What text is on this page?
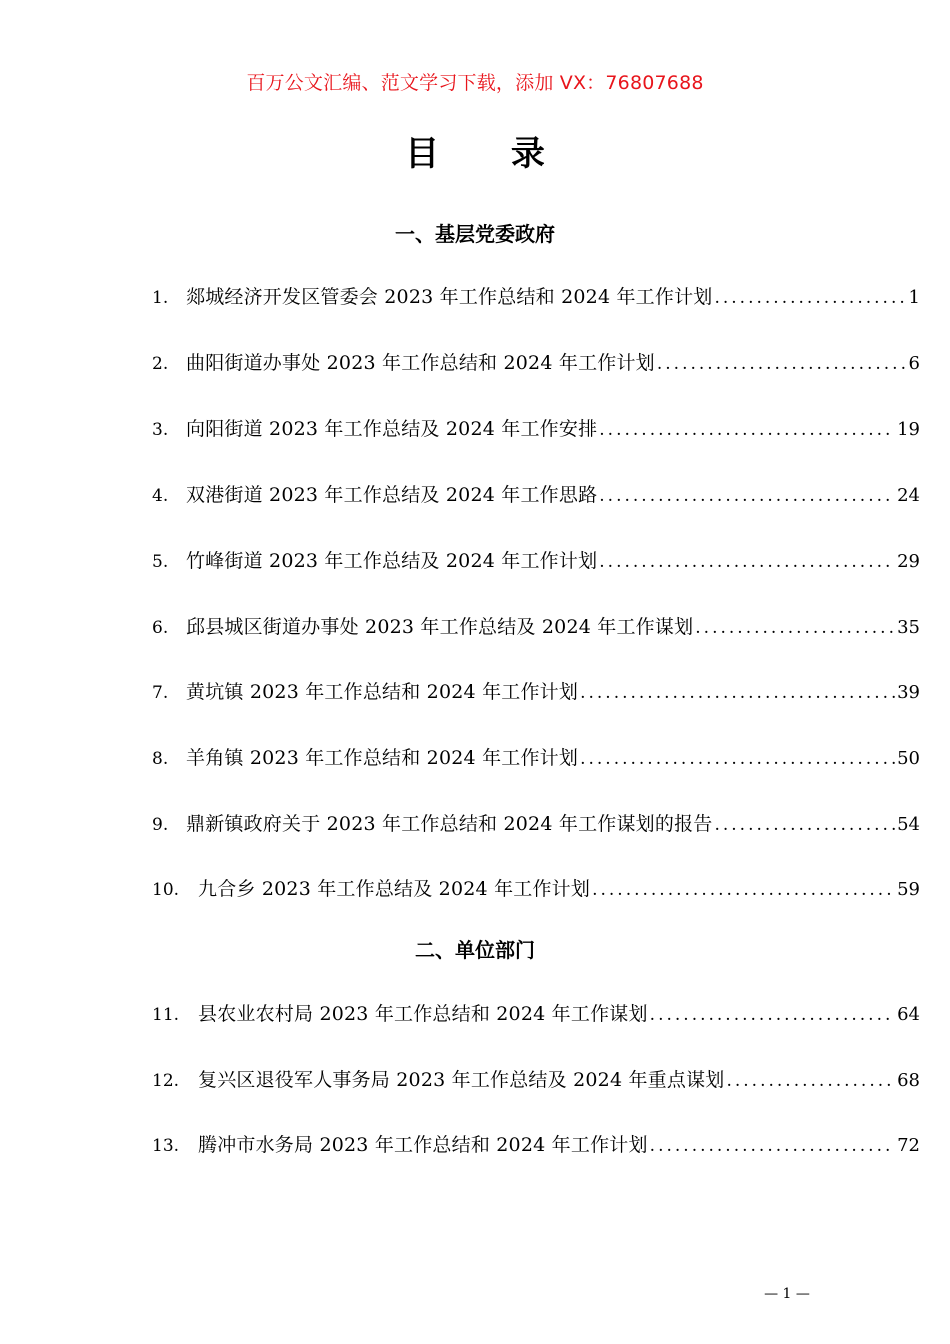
百万公文汇编、范文学习下载，添加 VX：76807688
目 录
一、基层党委政府
1. 郯城经济开发区管委会 2023 年工作总结和 2024 年工作计划 .....	1
2. 曲阳街道办事处 2023 年工作总结和 2024 年工作计划 .....	6
3. 向阳街道 2023 年工作总结及 2024 年工作安排 .....	19
4. 双港街道 2023 年工作总结及 2024 年工作思路 .....	24
5. 竹峰街道 2023 年工作总结及 2024 年工作计划 .....	29
6. 邱县城区街道办事处 2023 年工作总结及 2024 年工作谋划 .....	35
7. 黄坑镇 2023 年工作总结和 2024 年工作计划 .....	39
8. 羊角镇 2023 年工作总结和 2024 年工作计划 .....	50
9. 鼎新镇政府关于 2023 年工作总结和 2024 年工作谋划的报告 .....	54
10. 九合乡 2023 年工作总结及 2024 年工作计划 .....	59
二、单位部门
11. 县农业农村局 2023 年工作总结和 2024 年工作谋划 .....	64
12. 复兴区退役军人事务局 2023 年工作总结及 2024 年重点谋划 .....	68
13. 腾冲市水务局 2023 年工作总结和 2024 年工作计划 .....	72
— 1 —
